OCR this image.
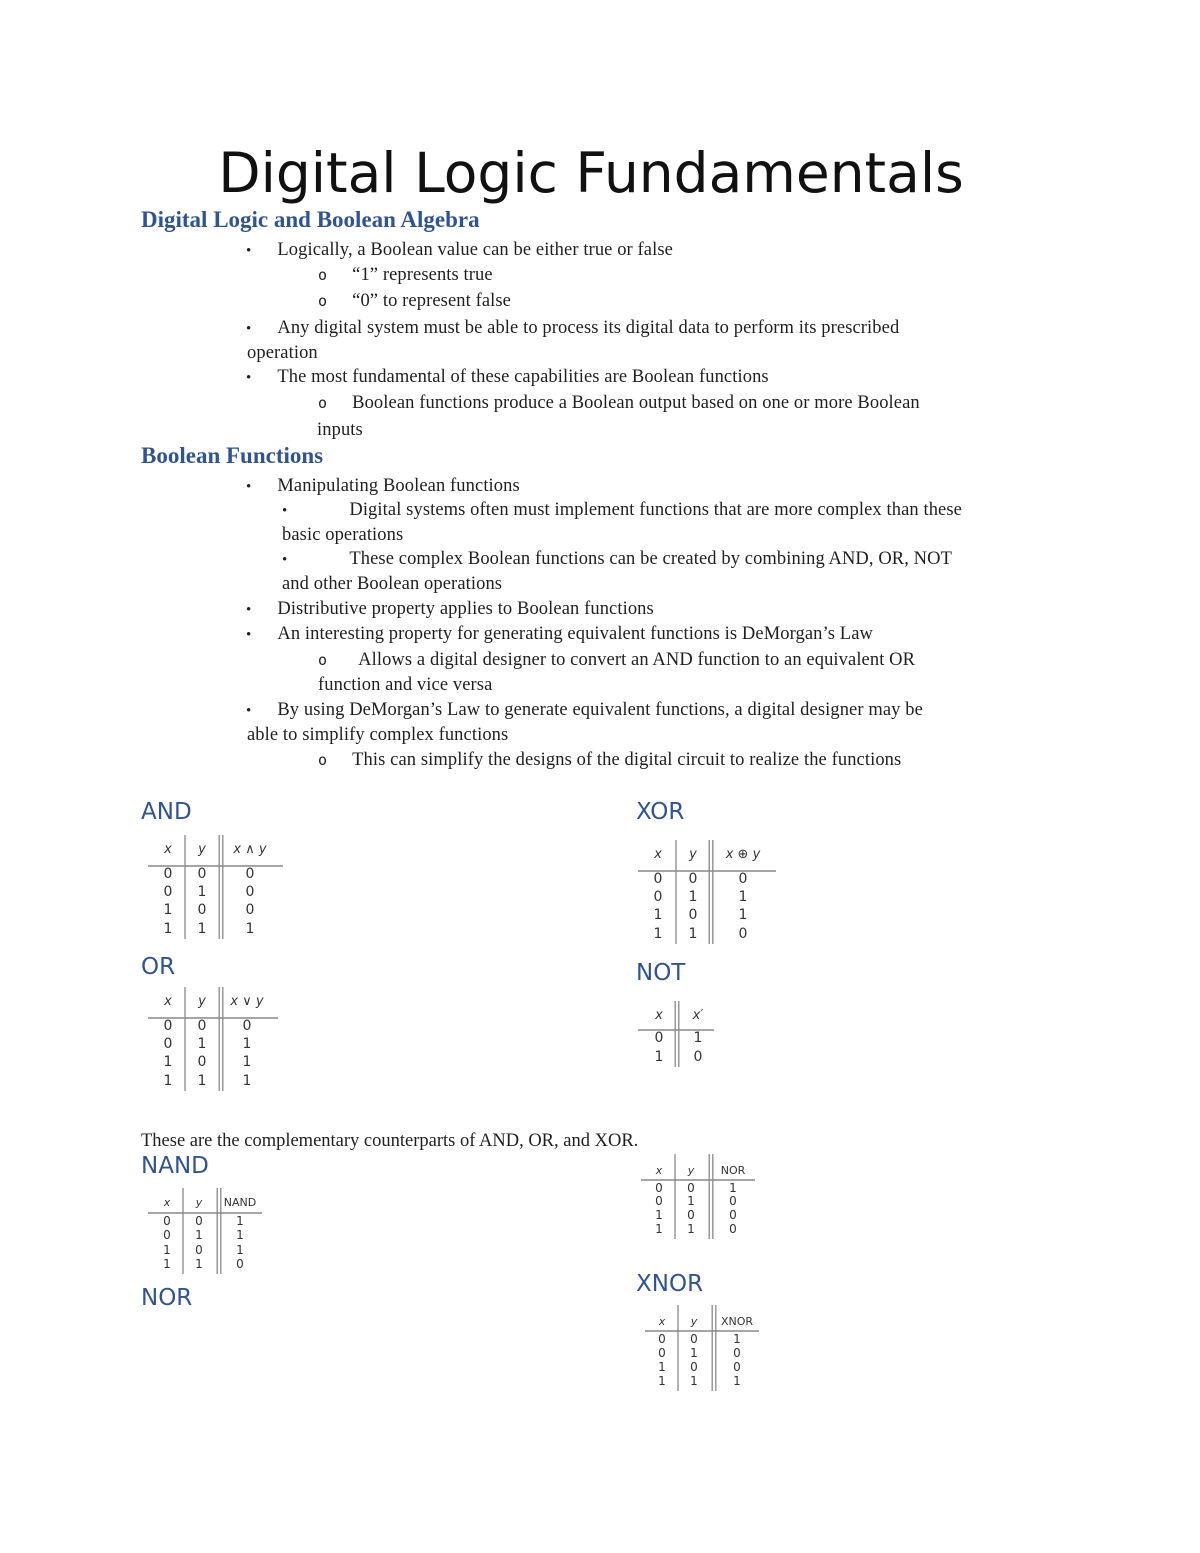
Digital Logic Fundamentals
Digital Logic and Boolean Algebra
• Logically, a Boolean value can be either true or false
o “1” represents true
o “0” to represent false
• Any digital system must be able to process its digital data to perform its prescribed
operation
• The most fundamental of these capabilities are Boolean functions
o Boolean functions produce a Boolean output based on one or more Boolean
inputs
Boolean Functions
• Manipulating Boolean functions
•	Digital systems often must implement functions that are more complex than these
basic operations
•	These complex Boolean functions can be created by combining AND, OR, NOT
and other Boolean operations
• Distributive property applies to Boolean functions
• An interesting property for generating equivalent functions is DeMorgan’s Law
o Allows a digital designer to convert an AND function to an equivalent OR
function and vice versa
• By using DeMorgan’s Law to generate equivalent functions, a digital designer may be
able to simplify complex functions
o This can simplify the designs of the digital circuit to realize the functions
AND	XOR
OR	NOT
NAND
NOR
XNOR
These are the complementary counterparts of AND, OR, and XOR.
x y x ∧ y
0 0	0
0 1	0
1 0	0
1 1	1
x y x ∨ y
0 0	0
0 1	1
1 0	1
1 1	1
x y x ⊕ y
0 0	0
0 1	1
1 0	1
1 1	0
x x′
0 1
1 0
x y NAND
0 0	1
0 1	1
1 0	1
1 1	0
x y NOR
0 0	1
0 1	0
1 0	0
1 1	0
x y XNOR
0 0	1
0 1	0
1 0	0
1 1	1
